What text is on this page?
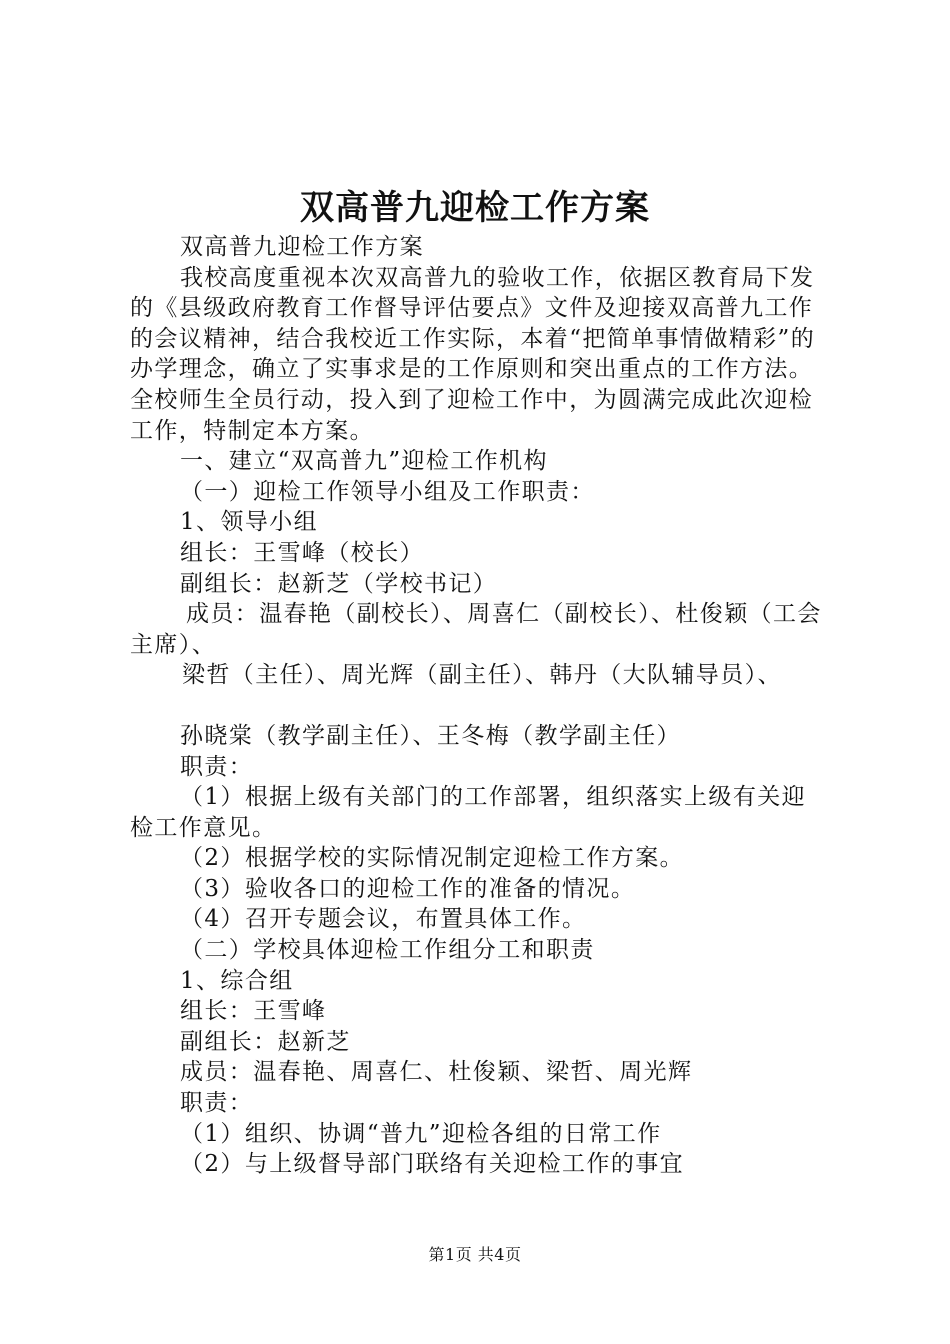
双高普九迎检工作方案

双高普九迎检工作方案

我校高度重视本次双高普九的验收工作，依据区教育局下发的《县级政府教育工作督导评估要点》文件及迎接双高普九工作的会议精神，结合我校近工作实际，本着“把简单事情做精彩”的办学理念，确立了实事求是的工作原则和突出重点的工作方法。全校师生全员行动，投入到了迎检工作中，为圆满完成此次迎检工作，特制定本方案。

一、建立“双高普九”迎检工作机构

（一）迎检工作领导小组及工作职责：

1、领导小组

组长：王雪峰（校长）

副组长：赵新芝（学校书记）

成员：温春艳（副校长）、周喜仁（副校长）、杜俊颖（工会主席）、

梁哲（主任）、周光辉（副主任）、韩丹（大队辅导员）、

孙晓棠（教学副主任）、王冬梅（教学副主任）

职责：

（1）根据上级有关部门的工作部署，组织落实上级有关迎检工作意见。

（2）根据学校的实际情况制定迎检工作方案。

（3）验收各口的迎检工作的准备的情况。

（4）召开专题会议，布置具体工作。

（二）学校具体迎检工作组分工和职责

1、综合组

组长：王雪峰

副组长：赵新芝

成员：温春艳、周喜仁、杜俊颖、梁哲、周光辉

职责：

（1）组织、协调“普九”迎检各组的日常工作

（2）与上级督导部门联络有关迎检工作的事宜

第1页 共4页
